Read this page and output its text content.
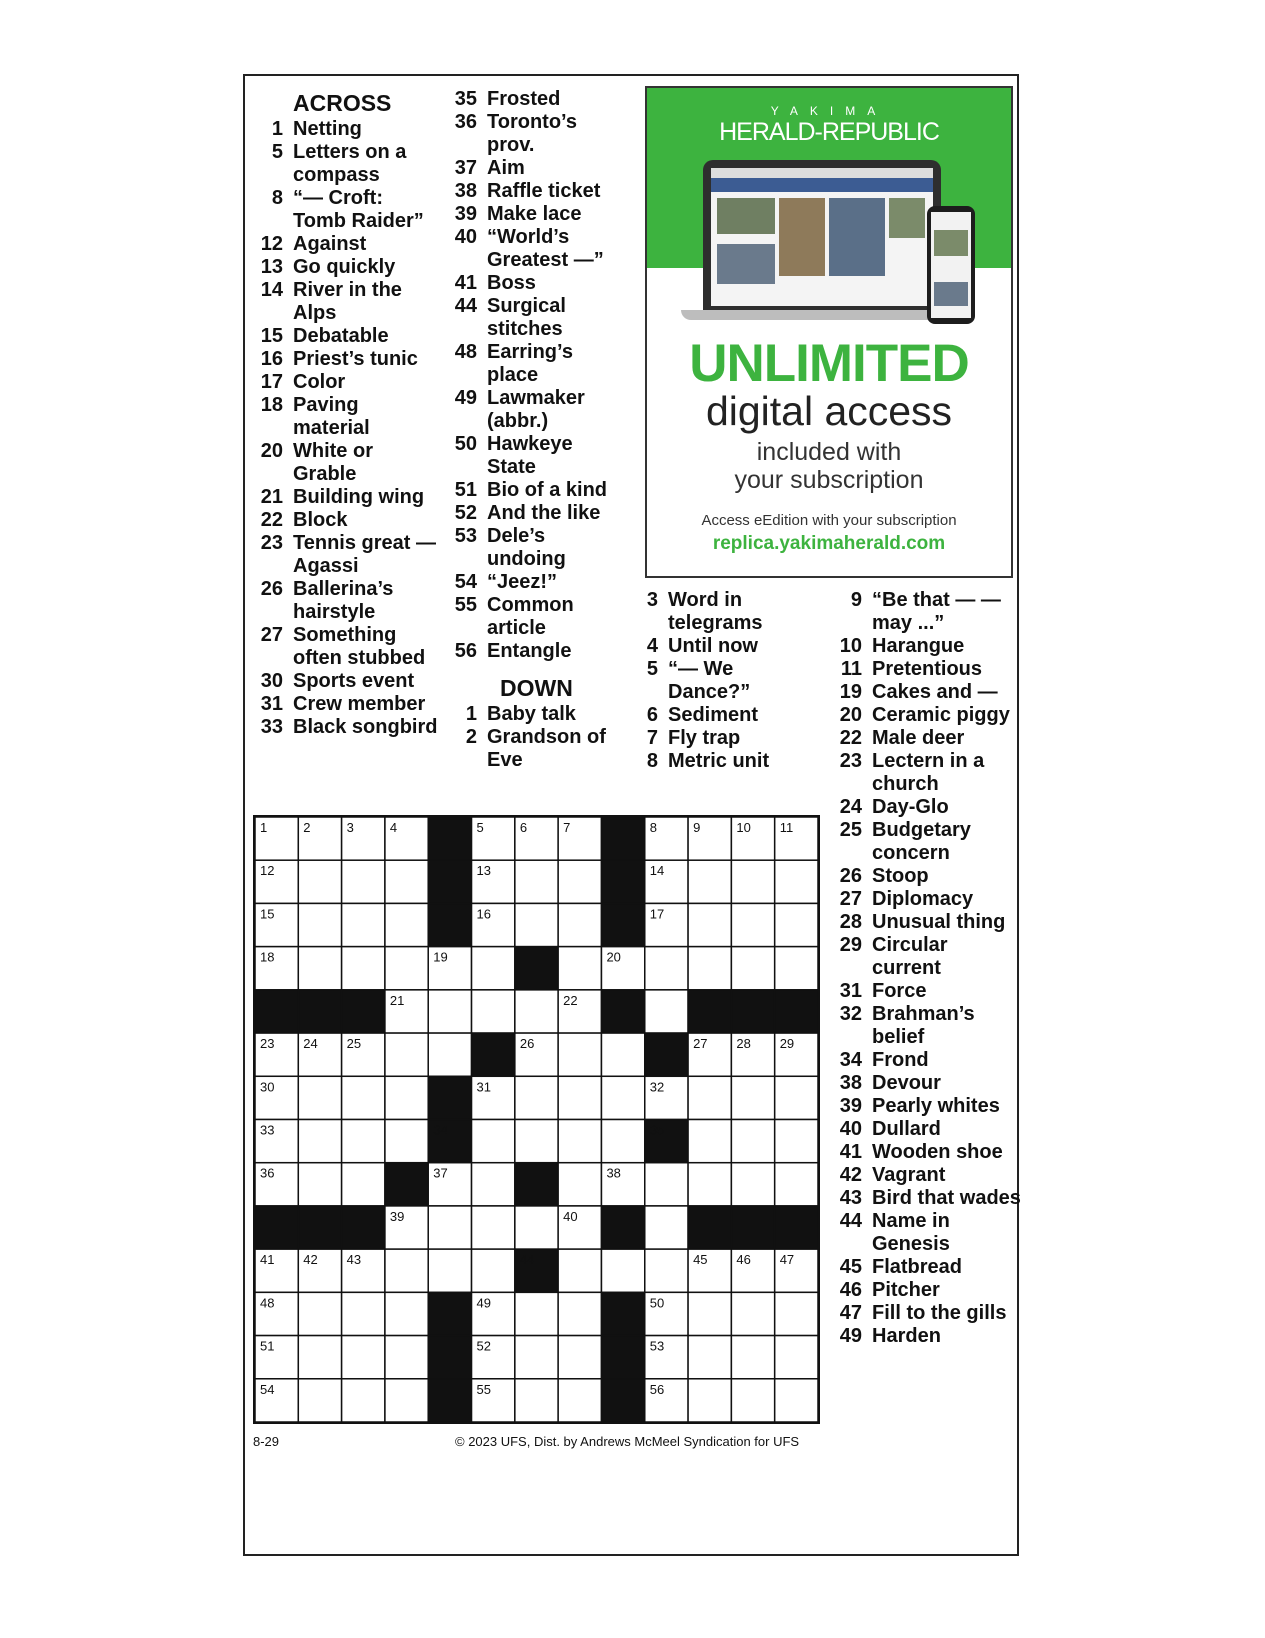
ACROSS
1 Netting
5 Letters on a compass
8 “— Croft: Tomb Raider”
12 Against
13 Go quickly
14 River in the Alps
15 Debatable
16 Priest’s tunic
17 Color
18 Paving material
20 White or Grable
21 Building wing
22 Block
23 Tennis great — Agassi
26 Ballerina’s hairstyle
27 Something often stubbed
30 Sports event
31 Crew member
33 Black songbird
35 Frosted
36 Toronto’s prov.
37 Aim
38 Raffle ticket
39 Make lace
40 “World’s Greatest —”
41 Boss
44 Surgical stitches
48 Earring’s place
49 Lawmaker (abbr.)
50 Hawkeye State
51 Bio of a kind
52 And the like
53 Dele’s undoing
54 “Jeez!”
55 Common article
56 Entangle
DOWN
1 Baby talk
2 Grandson of Eve
3 Word in telegrams
4 Until now
5 “— We Dance?”
6 Sediment
7 Fly trap
8 Metric unit
9 “Be that — — may ...”
10 Harangue
11 Pretentious
19 Cakes and —
20 Ceramic piggy
22 Male deer
23 Lectern in a church
24 Day-Glo
25 Budgetary concern
26 Stoop
27 Diplomacy
28 Unusual thing
29 Circular current
31 Force
32 Brahman’s belief
34 Frond
38 Devour
39 Pearly whites
40 Dullard
41 Wooden shoe
42 Vagrant
43 Bird that wades
44 Name in Genesis
45 Flatbread
46 Pitcher
47 Fill to the gills
49 Harden
YAKIMA
HERALD-REPUBLIC
UNLIMITED
digital access
included with
your subscription
Access eEdition with your subscription
replica.yakimaherald.com
1	2	3	4	5	6	7	8	9	10 11
12	13	14
15	16	17
18	19	20
21	22
23 24 25	26	27 28 29
30	31	32
33	34	35
36	37	38
39	40
41 42 43	44	45 46 47
48	49	50
51	52	53
54	55	56
8-29	© 2023 UFS, Dist. by Andrews McMeel Syndication for UFS
